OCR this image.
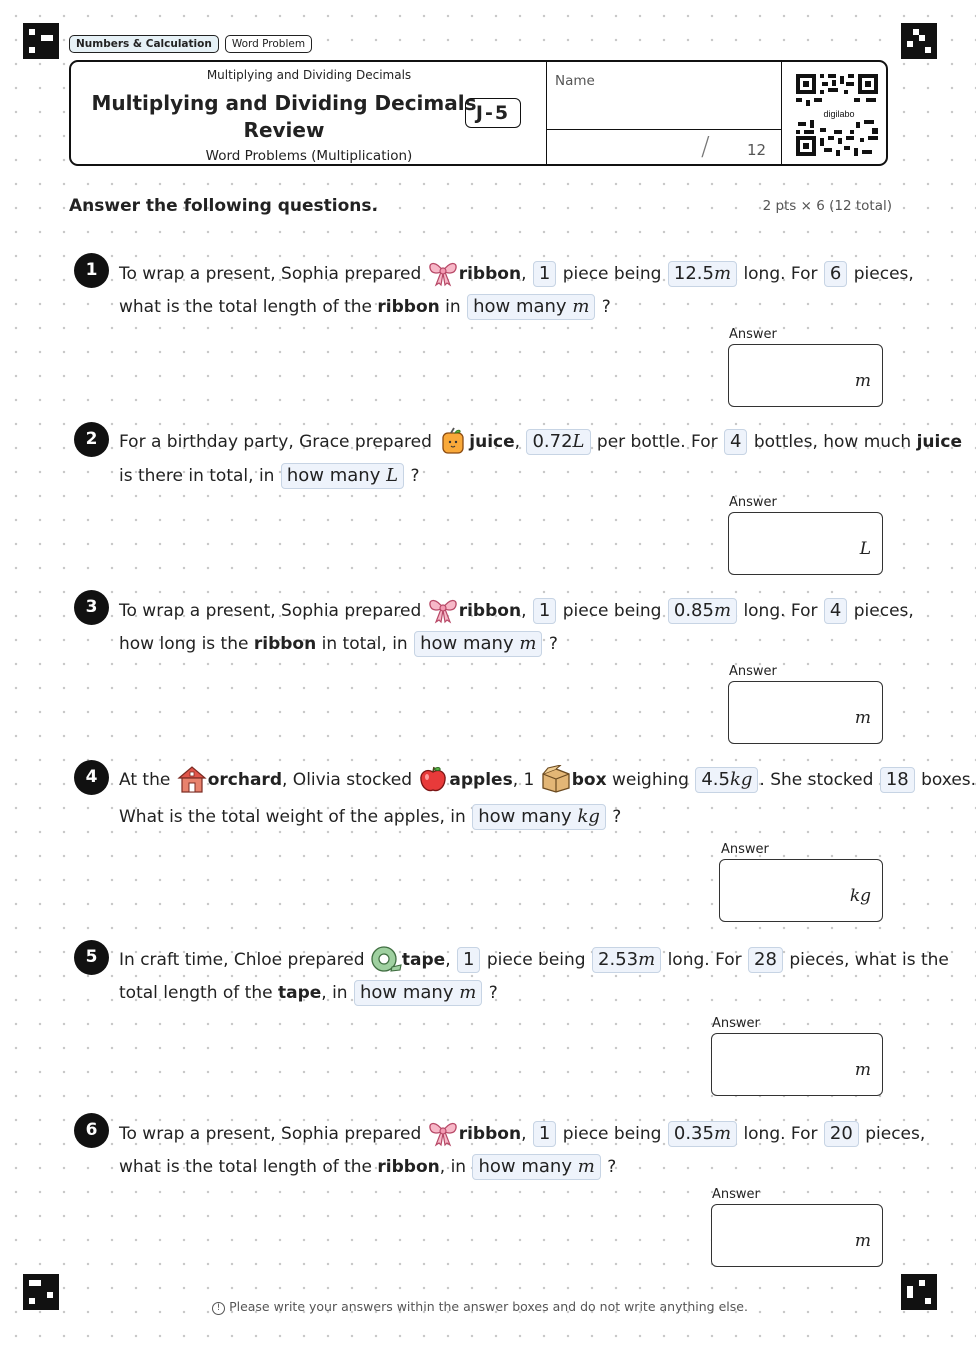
Numbers & Calculation	Word Problem
Multiplying and Dividing Decimals
Multiplying and Dividing Decimals Review
Word Problems (Multiplication)
J-5
Name
/ 12
digilabo
Answer the following questions.	2 pts × 6 (12 total)
1	To wrap a present, Sophia prepared ribbon, 1 piece being 12.5m long. For 6 pieces,
what is the total length of the ribbon in how many m ?
Answer
m
2	For a birthday party, Grace prepared juice, 0.72L per bottle. For 4 bottles, how much juice
is there in total, in how many L ?
Answer
L
3	To wrap a present, Sophia prepared ribbon, 1 piece being 0.85m long. For 4 pieces,
how long is the ribbon in total, in how many m ?
Answer
m
4	At the orchard, Olivia stocked apples, 1 box weighing 4.5kg . She stocked 18 boxes.
What is the total weight of the apples, in how many kg ?
Answer
kg
5	In craft time, Chloe prepared tape, 1 piece being 2.53m long. For 28 pieces, what is the
total length of the tape, in how many m ?
Answer
m
6	To wrap a present, Sophia prepared ribbon, 1 piece being 0.35m long. For 20 pieces,
what is the total length of the ribbon, in how many m ?
Answer
m
! Please write your answers within the answer boxes and do not write anything else.
